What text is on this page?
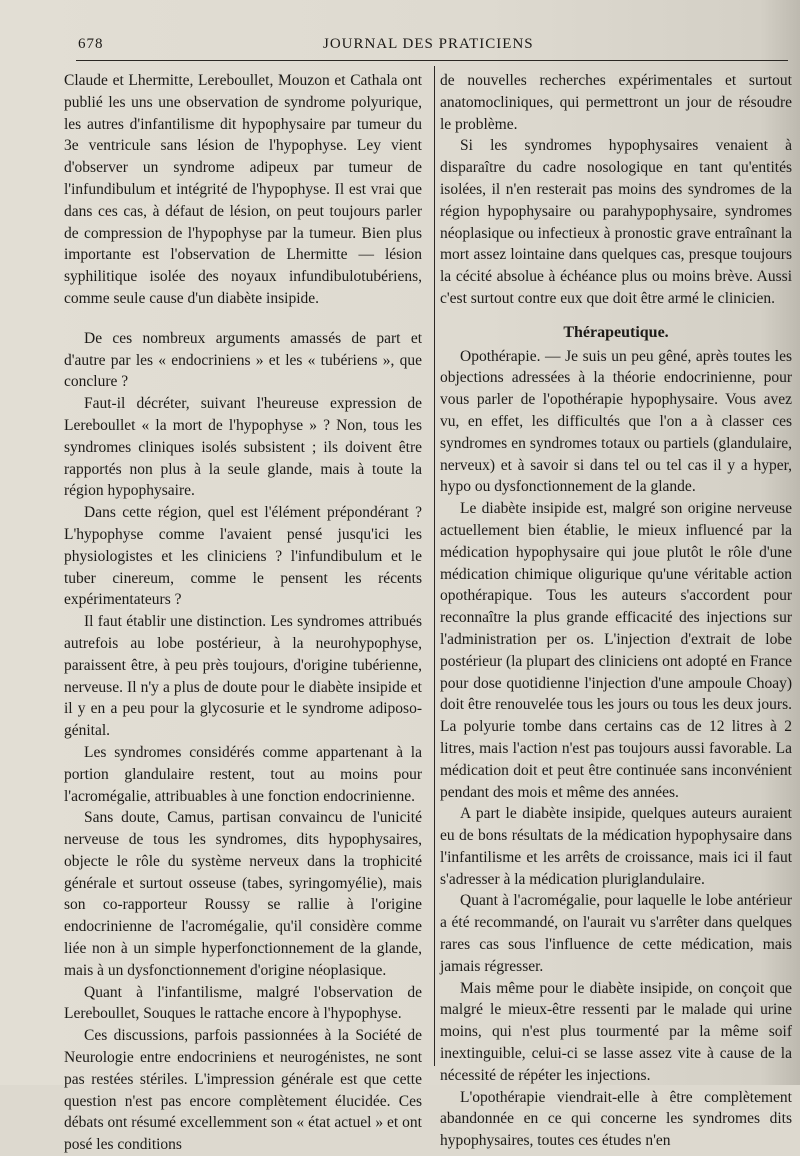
678	JOURNAL DES PRATICIENS

Claude et Lhermitte, Lereboullet, Mouzon et Cathala ont publié les uns une observation de syndrome polyurique, les autres d'infantilisme dit hypophysaire par tumeur du 3e ventricule sans lésion de l'hypophyse. Ley vient d'observer un syndrome adipeux par tumeur de l'infundibulum et intégrité de l'hypophyse. Il est vrai que dans ces cas, à défaut de lésion, on peut toujours parler de compression de l'hypophyse par la tumeur. Bien plus importante est l'observation de Lhermitte — lésion syphilitique isolée des noyaux infundibulotubériens, comme seule cause d'un diabète insipide.

De ces nombreux arguments amassés de part et d'autre par les « endocriniens » et les « tubériens », que conclure ?

Faut-il décréter, suivant l'heureuse expression de Lereboullet « la mort de l'hypophyse » ? Non, tous les syndromes cliniques isolés subsistent ; ils doivent être rapportés non plus à la seule glande, mais à toute la région hypophysaire.

Dans cette région, quel est l'élément prépondérant ? L'hypophyse comme l'avaient pensé jusqu'ici les physiologistes et les cliniciens ? l'infundibulum et le tuber cinereum, comme le pensent les récents expérimentateurs ?

Il faut établir une distinction. Les syndromes attribués autrefois au lobe postérieur, à la neurohypophyse, paraissent être, à peu près toujours, d'origine tubérienne, nerveuse. Il n'y a plus de doute pour le diabète insipide et il y en a peu pour la glycosurie et le syndrome adiposo-génital.

Les syndromes considérés comme appartenant à la portion glandulaire restent, tout au moins pour l'acromégalie, attribuables à une fonction endocrinienne.

Sans doute, Camus, partisan convaincu de l'unicité nerveuse de tous les syndromes, dits hypophysaires, objecte le rôle du système nerveux dans la trophicité générale et surtout osseuse (tabes, syringomyélie), mais son co-rapporteur Roussy se rallie à l'origine endocrinienne de l'acromégalie, qu'il considère comme liée non à un simple hyperfonctionnement de la glande, mais à un dysfonctionnement d'origine néoplasique.

Quant à l'infantilisme, malgré l'observation de Lereboullet, Souques le rattache encore à l'hypophyse.

Ces discussions, parfois passionnées à la Société de Neurologie entre endocriniens et neurogénistes, ne sont pas restées stériles. L'impression générale est que cette question n'est pas encore complètement élucidée. Ces débats ont résumé excellemment son « état actuel » et ont posé les conditions

de nouvelles recherches expérimentales et surtout anatomocliniques, qui permettront un jour de résoudre le problème.

Si les syndromes hypophysaires venaient à disparaître du cadre nosologique en tant qu'entités isolées, il n'en resterait pas moins des syndromes de la région hypophysaire ou parahypophysaire, syndromes néoplasique ou infectieux à pronostic grave entraînant la mort assez lointaine dans quelques cas, presque toujours la cécité absolue à échéance plus ou moins brève. Aussi c'est surtout contre eux que doit être armé le clinicien.

Thérapeutique.

Opothérapie. — Je suis un peu gêné, après toutes les objections adressées à la théorie endocrinienne, pour vous parler de l'opothérapie hypophysaire. Vous avez vu, en effet, les difficultés que l'on a à classer ces syndromes en syndromes totaux ou partiels (glandulaire, nerveux) et à savoir si dans tel ou tel cas il y a hyper, hypo ou dysfonctionnement de la glande.

Le diabète insipide est, malgré son origine nerveuse actuellement bien établie, le mieux influencé par la médication hypophysaire qui joue plutôt le rôle d'une médication chimique oligurique qu'une véritable action opothérapique. Tous les auteurs s'accordent pour reconnaître la plus grande efficacité des injections sur l'administration per os. L'injection d'extrait de lobe postérieur (la plupart des cliniciens ont adopté en France pour dose quotidienne l'injection d'une ampoule Choay) doit être renouvelée tous les jours ou tous les deux jours. La polyurie tombe dans certains cas de 12 litres à 2 litres, mais l'action n'est pas toujours aussi favorable. La médication doit et peut être continuée sans inconvénient pendant des mois et même des années.

A part le diabète insipide, quelques auteurs auraient eu de bons résultats de la médication hypophysaire dans l'infantilisme et les arrêts de croissance, mais ici il faut s'adresser à la médication pluriglandulaire.

Quant à l'acromégalie, pour laquelle le lobe antérieur a été recommandé, on l'aurait vu s'arrêter dans quelques rares cas sous l'influence de cette médication, mais jamais régresser.

Mais même pour le diabète insipide, on conçoit que malgré le mieux-être ressenti par le malade qui urine moins, qui n'est plus tourmenté par la même soif inextinguible, celui-ci se lasse assez vite à cause de la nécessité de répéter les injections.

L'opothérapie viendrait-elle à être complètement abandonnée en ce qui concerne les syndromes dits hypophysaires, toutes ces études n'en
